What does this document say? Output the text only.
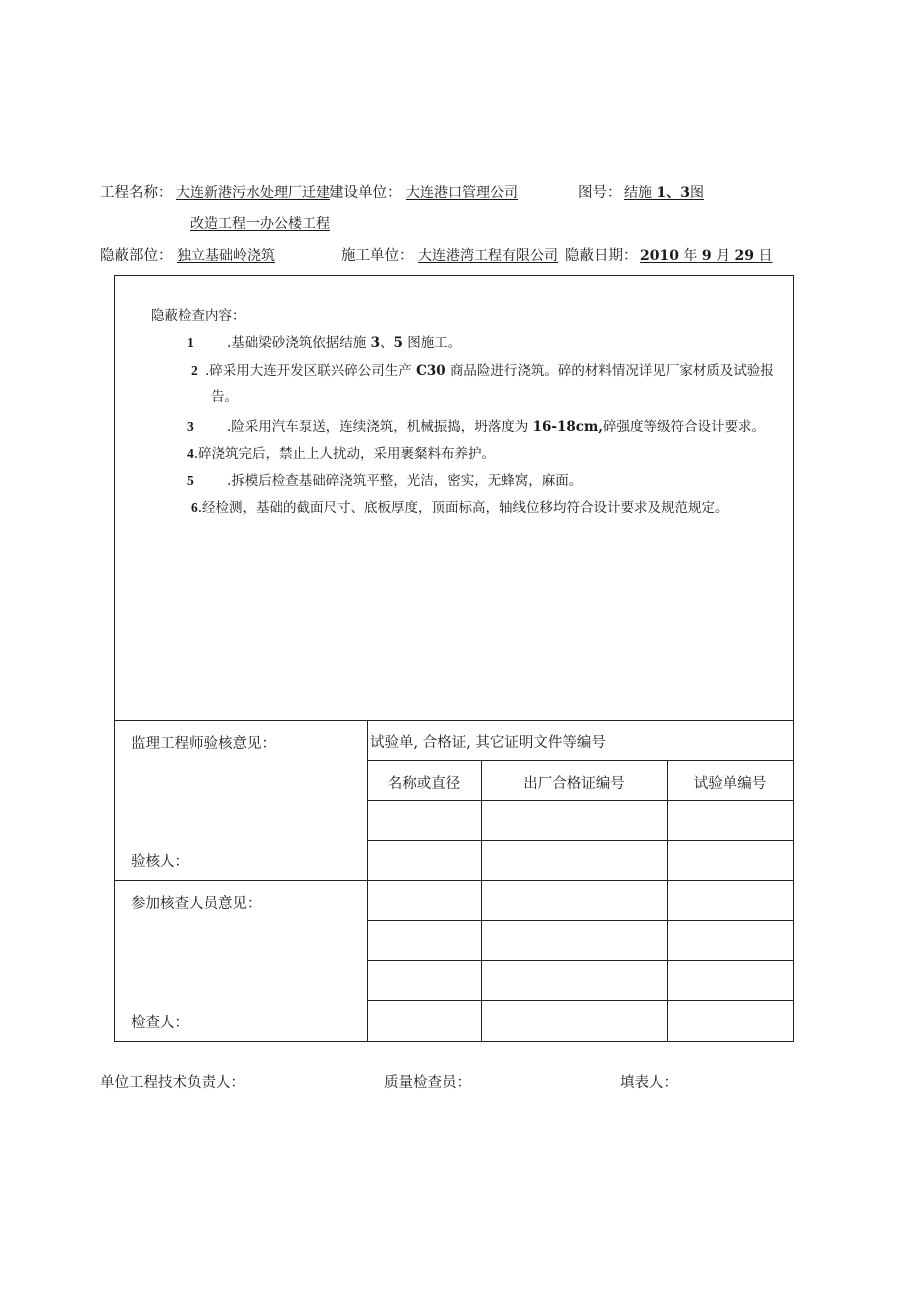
工程名称： 大连新港污水处理厂迁建 建设单位： 大连港口管理公司	图号： 结施 1、3图
改造工程一办公楼工程
隐蔽部位： 独立基础岭浇筑	施工单位： 大连港湾工程有限公司 隐蔽日期： 2010 年 9 月 29 日
隐蔽检查内容：
1 .基础梁砂浇筑依据结施 3、5 图施工。
2 .碎采用大连开发区联兴碎公司生产 C30 商品险进行浇筑。碎的材料情况详见厂家材质及试验报
告。
3 .险采用汽车泵送，连续浇筑，机械振捣，坍落度为 16-18cm,碎强度等级符合设计要求。
4.碎浇筑完后，禁止上人扰动，采用裹粲料布养护。
5 .拆模后检查基础碎浇筑平整，光洁，密实，无蜂窝，麻面。
6.经检测，基础的截面尺寸、底板厚度，顶面标高，轴线位移均符合设计要求及规范规定。
监理工程师验核意见：
验核人：
参加核查人员意见：
检查人：
试验单, 合格证, 其它证明文件等编号
名称或直径	出厂合格证编号	试验单编号
单位工程技术负责人：	质量检查员：	填表人：
